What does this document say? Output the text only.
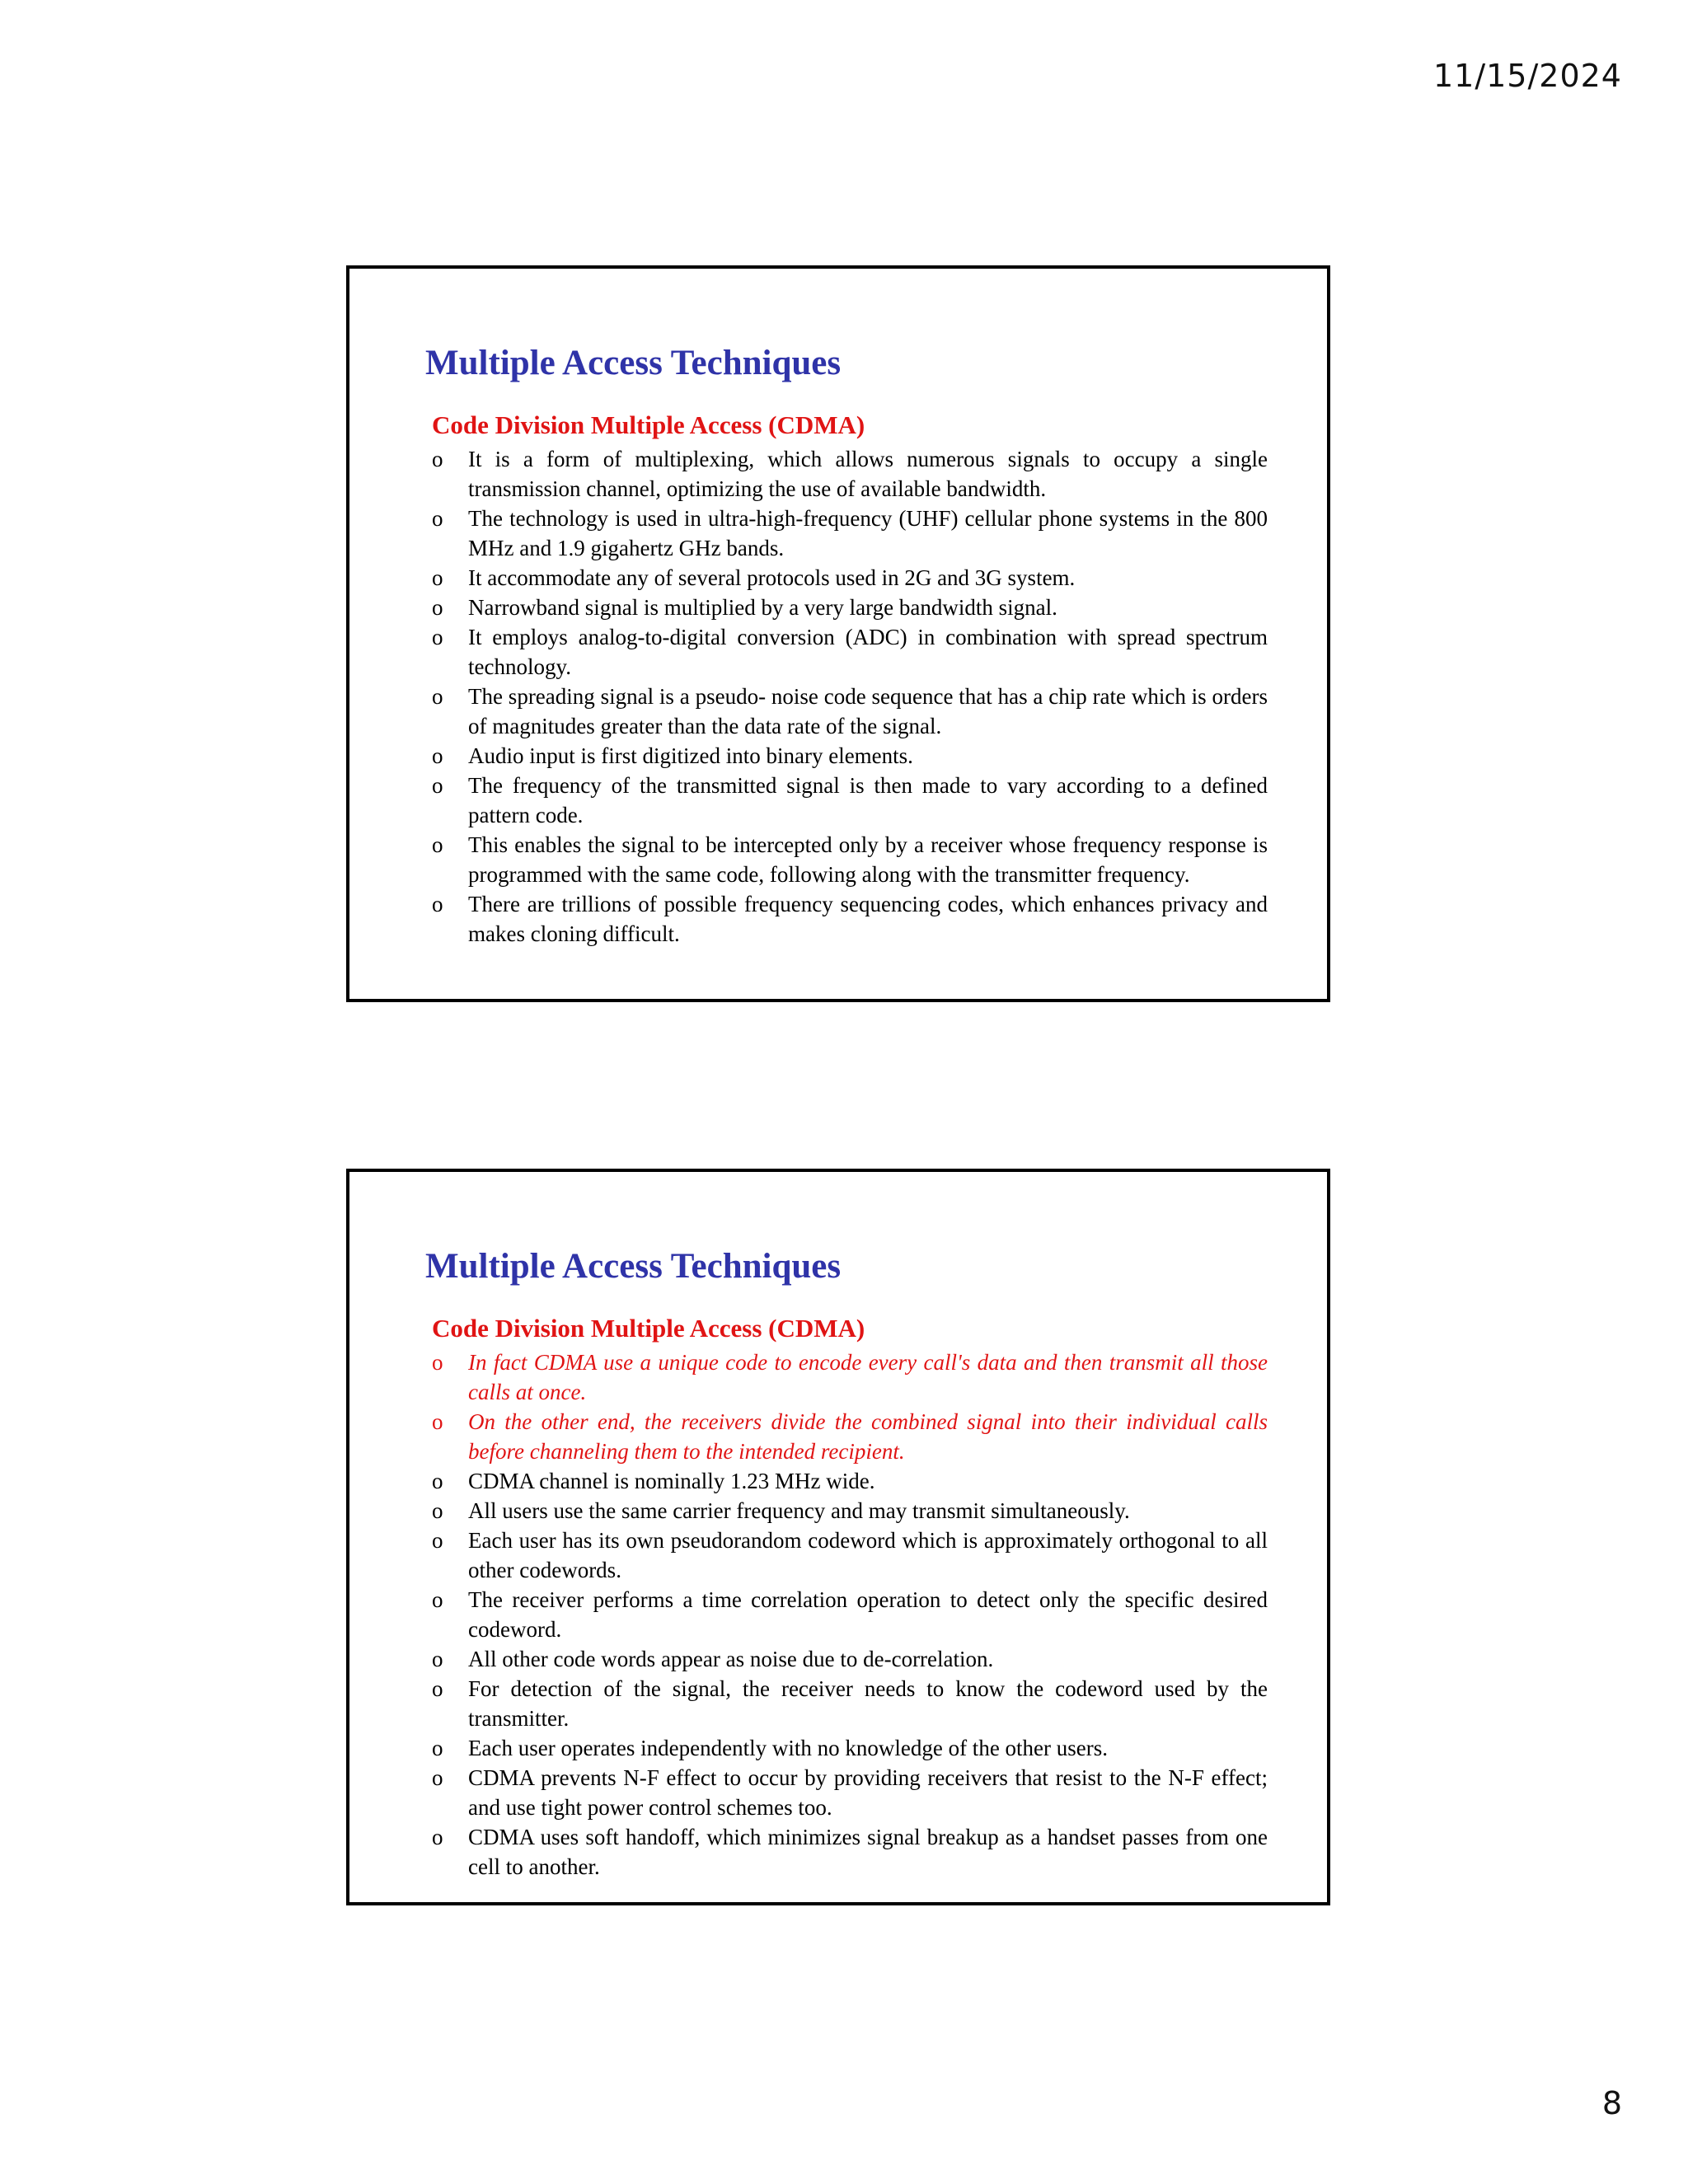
11/15/2024
Multiple Access Techniques
Code Division Multiple Access (CDMA)
o	It is a form of multiplexing, which allows numerous signals to occupy a single transmission channel, optimizing the use of available bandwidth.
o	The technology is used in ultra-high-frequency (UHF) cellular phone systems in the 800 MHz and 1.9 gigahertz GHz bands.
o	It accommodate any of several protocols used in 2G and 3G system.
o	Narrowband signal is multiplied by a very large bandwidth signal.
o	It employs analog-to-digital conversion (ADC) in combination with spread spectrum technology.
o	The spreading signal is a pseudo- noise code sequence that has a chip rate which is orders of magnitudes greater than the data rate of the signal.
o	Audio input is first digitized into binary elements.
o	The frequency of the transmitted signal is then made to vary according to a defined pattern code.
o	This enables the signal to be intercepted only by a receiver whose frequency response is programmed with the same code, following along with the transmitter frequency.
o	There are trillions of possible frequency sequencing codes, which enhances privacy and makes cloning difficult.
Multiple Access Techniques
Code Division Multiple Access (CDMA)
o	In fact CDMA use a unique code to encode every call's data and then transmit all those calls at once.
o	On the other end, the receivers divide the combined signal into their individual calls before channeling them to the intended recipient.
o	CDMA channel is nominally 1.23 MHz wide.
o	All users use the same carrier frequency and may transmit simultaneously.
o	Each user has its own pseudorandom codeword which is approximately orthogonal to all other codewords.
o	The receiver performs a time correlation operation to detect only the specific desired codeword.
o	All other code words appear as noise due to de-correlation.
o	For detection of the signal, the receiver needs to know the codeword used by the transmitter.
o	Each user operates independently with no knowledge of the other users.
o	CDMA prevents N-F effect to occur by providing receivers that resist to the N-F effect; and use tight power control schemes too.
o	CDMA uses soft handoff, which minimizes signal breakup as a handset passes from one cell to another.
8
